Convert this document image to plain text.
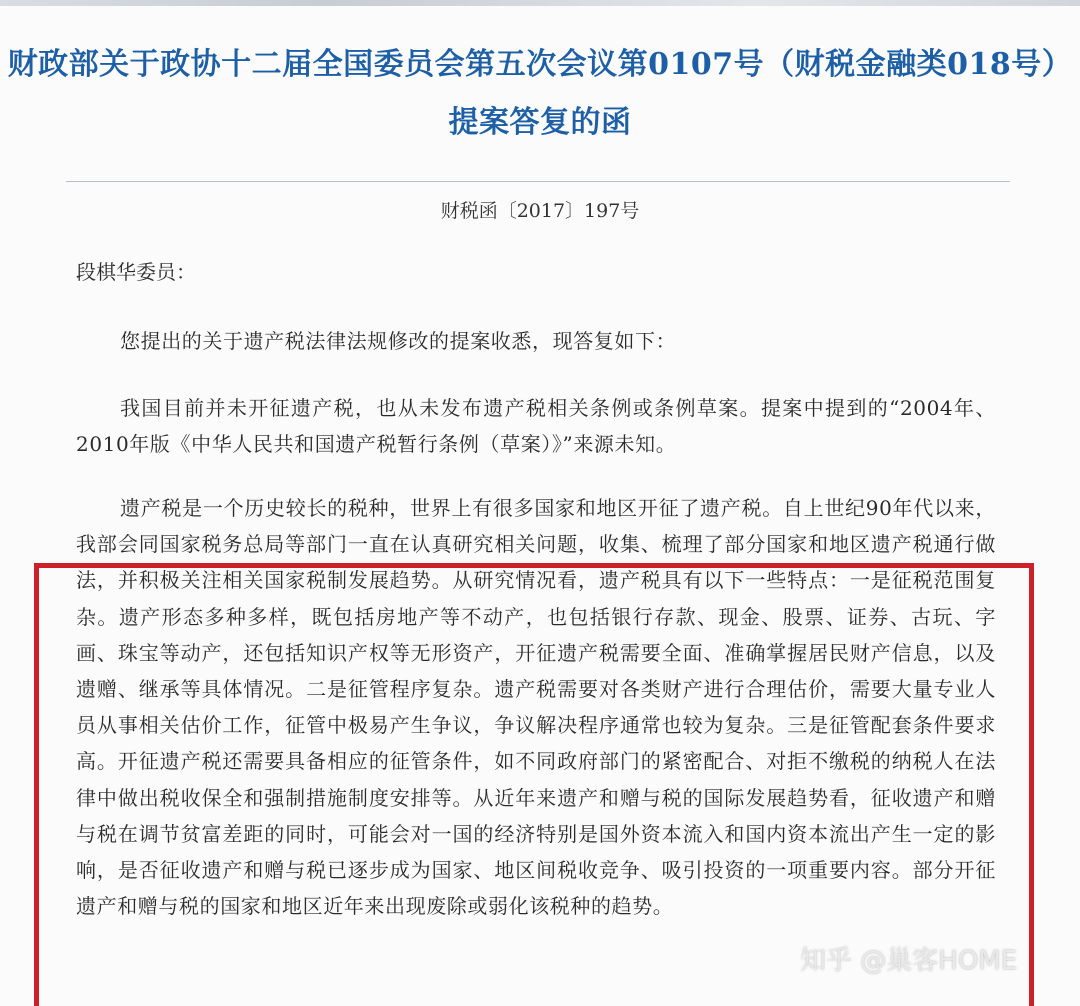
财政部关于政协十二届全国委员会第五次会议第0107号（财税金融类018号）提案答复的函
财税函〔2017〕197号
段棋华委员：
您提出的关于遗产税法律法规修改的提案收悉，现答复如下：
我国目前并未开征遗产税，也从未发布遗产税相关条例或条例草案。提案中提到的“2004年、2010年版《中华人民共和国遗产税暂行条例（草案）》”来源未知。
遗产税是一个历史较长的税种，世界上有很多国家和地区开征了遗产税。自上世纪90年代以来，我部会同国家税务总局等部门一直在认真研究相关问题，收集、梳理了部分国家和地区遗产税通行做法，并积极关注相关国家税制发展趋势。从研究情况看，遗产税具有以下一些特点：一是征税范围复杂。遗产形态多种多样，既包括房地产等不动产，也包括银行存款、现金、股票、证券、古玩、字画、珠宝等动产，还包括知识产权等无形资产，开征遗产税需要全面、准确掌握居民财产信息，以及遗赠、继承等具体情况。二是征管程序复杂。遗产税需要对各类财产进行合理估价，需要大量专业人员从事相关估价工作，征管中极易产生争议，争议解决程序通常也较为复杂。三是征管配套条件要求高。开征遗产税还需要具备相应的征管条件，如不同政府部门的紧密配合、对拒不缴税的纳税人在法律中做出税收保全和强制措施制度安排等。从近年来遗产和赠与税的国际发展趋势看，征收遗产和赠与税在调节贫富差距的同时，可能会对一国的经济特别是国外资本流入和国内资本流出产生一定的影响，是否征收遗产和赠与税已逐步成为国家、地区间税收竞争、吸引投资的一项重要内容。部分开征遗产和赠与税的国家和地区近年来出现废除或弱化该税种的趋势。
知乎 @巢客HOME
